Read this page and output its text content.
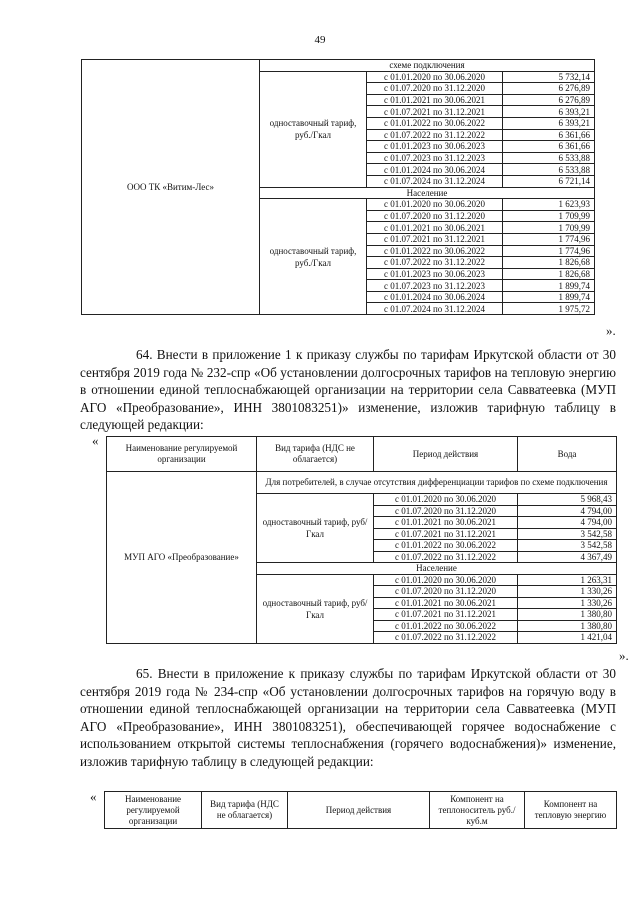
49
ООО ТК «Витим-Лес»	схеме подключения		
	одноставочный тариф, руб./Гкал	с 01.01.2020 по 30.06.2020	5 732,14
		с 01.07.2020 по 31.12.2020	6 276,89
		с 01.01.2021 по 30.06.2021	6 276,89
		с 01.07.2021 по 31.12.2021	6 393,21
		с 01.01.2022 по 30.06.2022	6 393,21
		с 01.07.2022 по 31.12.2022	6 361,66
		с 01.01.2023 по 30.06.2023	6 361,66
		с 01.07.2023 по 31.12.2023	6 533,88
		с 01.01.2024 по 30.06.2024	6 533,88
		с 01.07.2024 по 31.12.2024	6 721,14
	Население		
	одноставочный тариф, руб./Гкал	с 01.01.2020 по 30.06.2020	1 623,93
		с 01.07.2020 по 31.12.2020	1 709,99
		с 01.01.2021 по 30.06.2021	1 709,99
		с 01.07.2021 по 31.12.2021	1 774,96
		с 01.01.2022 по 30.06.2022	1 774,96
		с 01.07.2022 по 31.12.2022	1 826,68
		с 01.01.2023 по 30.06.2023	1 826,68
		с 01.07.2023 по 31.12.2023	1 899,74
		с 01.01.2024 по 30.06.2024	1 899,74
		с 01.07.2024 по 31.12.2024	1 975,72
».
64. Внести в приложение 1 к приказу службы по тарифам Иркутской области от 30 сентября 2019 года № 232-спр «Об установлении долгосрочных тарифов на тепловую энергию в отношении единой теплоснабжающей организации на территории села Савватеевка (МУП АГО «Преобразование», ИНН 3801083251)» изменение, изложив тарифную таблицу в следующей редакции:
«	Наименование регулируемой организации	Вид тарифа (НДС не облагается)	Период действия	Вода
МУП АГО «Преобразование»	Для потребителей, в случае отсутствия дифференциации тарифов по схеме подключения		
	одноставочный тариф, руб/Гкал	с 01.01.2020 по 30.06.2020	5 968,43
		с 01.07.2020 по 31.12.2020	4 794,00
		с 01.01.2021 по 30.06.2021	4 794,00
		с 01.07.2021 по 31.12.2021	3 542,58
		с 01.01.2022 по 30.06.2022	3 542,58
		с 01.07.2022 по 31.12.2022	4 367,49
	Население		
	одноставочный тариф, руб/Гкал	с 01.01.2020 по 30.06.2020	1 263,31
		с 01.07.2020 по 31.12.2020	1 330,26
		с 01.01.2021 по 30.06.2021	1 330,26
		с 01.07.2021 по 31.12.2021	1 380,80
		с 01.01.2022 по 30.06.2022	1 380,80
		с 01.07.2022 по 31.12.2022	1 421,04
».
65. Внести в приложение к приказу службы по тарифам Иркутской области от 30 сентября 2019 года № 234-спр «Об установлении долгосрочных тарифов на горячую воду в отношении единой теплоснабжающей организации на территории села Савватеевка (МУП АГО «Преобразование», ИНН 3801083251), обеспечивающей горячее водоснабжение с использованием открытой системы теплоснабжения (горячего водоснабжения)» изменение, изложив тарифную таблицу в следующей редакции:
«	Наименование регулируемой организации	Вид тарифа (НДС не облагается)	Период действия	Компонент на теплоноситель руб./куб.м	Компонент на тепловую энергию
